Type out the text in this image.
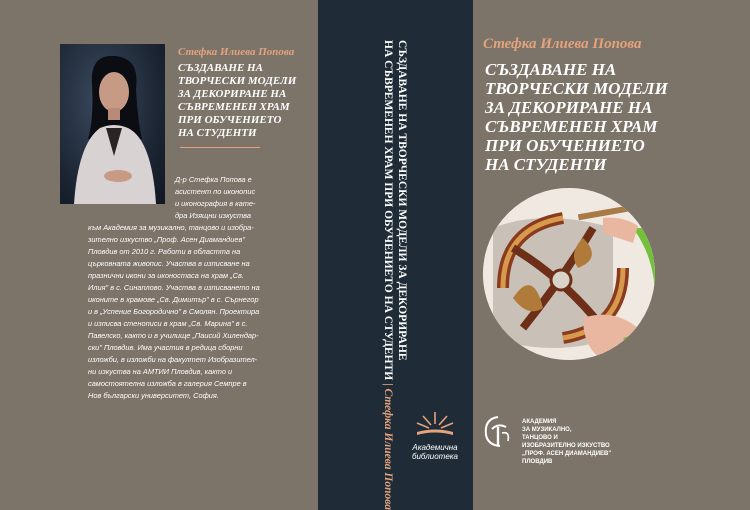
Стефка Илиева Попова
СЪЗДАВАНЕ НА
ТВОРЧЕСКИ МОДЕЛИ
ЗА ДЕКОРИРАНЕ НА
СЪВРЕМЕНЕН ХРАМ
ПРИ ОБУЧЕНИЕТО
НА СТУДЕНТИ
Д-р Стефка Попова е
асистент по иконопис
и иконография в кате-
дра Изящни изкуства
към Академия за музикално, танцово и изобра-
зително изкуство „Проф. Асен Диамандиев"
Пловдив от 2010 г. Работи в областта на
църковната живопис. Участва в изписване на
празнични икони за иконостаса на храм „Св.
Илия" в с. Синаплово. Участва в изписването на
иконите в храмове „Св. Димитър" в с. Сърнегор
и в „Успение Богородично" в Смолян. Проектира
и изписва стенописи в храм „Св. Марина" в с.
Павелско, както и в училище „Паисий Хилендар-
ски" Пловдив. Има участия в редица сборни
изложби, в изложби на факултет Изобразител-
ни изкуства на АМТИИ Пловдив, както и
самостоятелна изложба в галерия Семпре в
Нов български университет, София.
СЪЗДАВАНЕ НА ТВОРЧЕСКИ МОДЕЛИ ЗА ДЕКОРИРАНЕ
НА СЪВРЕМЕНЕН ХРАМ ПРИ ОБУЧЕНИЕТО НА СТУДЕНТИ | Стефка Илиева Попова	Академична
библиотека
Стефка Илиева Попова
СЪЗДАВАНЕ НА
ТВОРЧЕСКИ МОДЕЛИ
ЗА ДЕКОРИРАНЕ НА
СЪВРЕМЕНЕН ХРАМ
ПРИ ОБУЧЕНИЕТО
НА СТУДЕНТИ
АКАДЕМИЯ
ЗА МУЗИКАЛНО,
ТАНЦОВО И
ИЗОБРАЗИТЕЛНО ИЗКУСТВО
„ПРОФ. АСЕН ДИАМАНДИЕВ"
ПЛОВДИВ
